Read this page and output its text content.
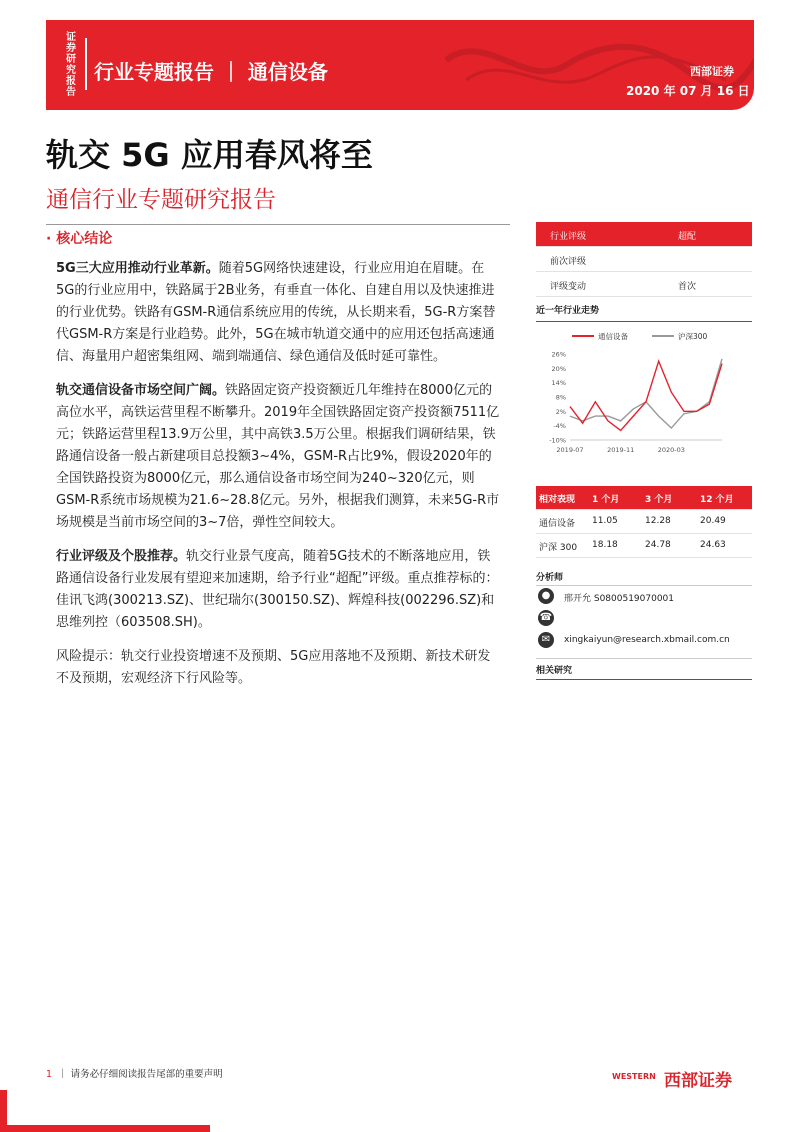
证券研究报告
行业专题报告 ｜ 通信设备	西部证券
2020 年 07 月 16 日
轨交 5G 应用春风将至
通信行业专题研究报告
· 核心结论

5G三大应用推动行业革新。随着5G网络快速建设，行业应用迫在眉睫。在5G的行业应用中，铁路属于2B业务，有垂直一体化、自建自用以及快速推进的行业优势。铁路有GSM-R通信系统应用的传统，从长期来看，5G-R方案替代GSM-R方案是行业趋势。此外，5G在城市轨道交通中的应用还包括高速通信、海量用户超密集组网、端到端通信、绿色通信及低时延可靠性。

轨交通信设备市场空间广阔。铁路固定资产投资额近几年维持在8000亿元的高位水平，高铁运营里程不断攀升。2019年全国铁路固定资产投资额7511亿元；铁路运营里程13.9万公里，其中高铁3.5万公里。根据我们调研结果，铁路通信设备一般占新建项目总投额3~4%，GSM-R占比9%，假设2020年的全国铁路投资为8000亿元，那么通信设备市场空间为240~320亿元，则GSM-R系统市场规模为21.6~28.8亿元。另外，根据我们测算，未来5G-R市场规模是当前市场空间的3~7倍，弹性空间较大。

行业评级及个股推荐。轨交行业景气度高，随着5G技术的不断落地应用，铁路通信设备行业发展有望迎来加速期，给予行业“超配”评级。重点推荐标的：佳讯飞鸿(300213.SZ)、世纪瑞尔(300150.SZ)、辉煌科技(002296.SZ)和思维列控（603508.SH)。

风险提示：轨交行业投资增速不及预期、5G应用落地不及预期、新技术研发不及预期，宏观经济下行风险等。

行业评级	超配
前次评级
评级变动	首次
近一年行业走势
通信设备	沪深300
26%
20%
14%
8%
2%
-4%
-10%
2019-07	2019-11	2020-03
相对表现 1 个月	3 个月	12 个月
通信设备 11.05	12.28	20.49
沪深 300 18.18	24.78	24.63
分析师
●	邢开允 S0800519070001
☎
✉	xingkaiyun@research.xbmail.com.cn
相关研究
1 ｜ 请务必仔细阅读报告尾部的重要声明	WESTERN 西部证券
